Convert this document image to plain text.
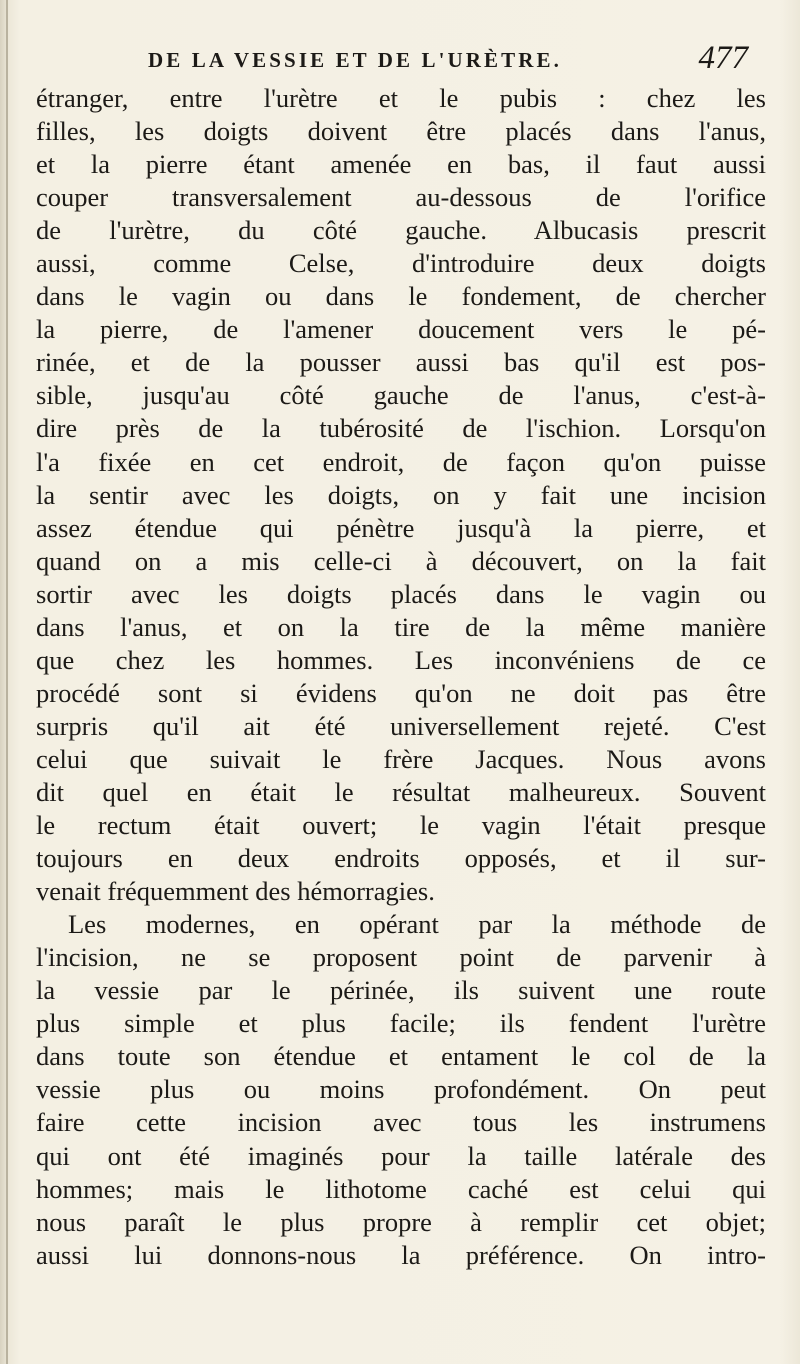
DE LA VESSIE ET DE L'URÈTRE.	477
étranger, entre l'urètre et le pubis : chez les
filles, les doigts doivent être placés dans l'anus,
et la pierre étant amenée en bas, il faut aussi
couper transversalement au-dessous de l'orifice
de l'urètre, du côté gauche. Albucasis prescrit
aussi, comme Celse, d'introduire deux doigts
dans le vagin ou dans le fondement, de chercher
la pierre, de l'amener doucement vers le pé-
rinée, et de la pousser aussi bas qu'il est pos-
sible, jusqu'au côté gauche de l'anus, c'est-à-
dire près de la tubérosité de l'ischion. Lorsqu'on
l'a fixée en cet endroit, de façon qu'on puisse
la sentir avec les doigts, on y fait une incision
assez étendue qui pénètre jusqu'à la pierre, et
quand on a mis celle-ci à découvert, on la fait
sortir avec les doigts placés dans le vagin ou
dans l'anus, et on la tire de la même manière
que chez les hommes. Les inconvéniens de ce
procédé sont si évidens qu'on ne doit pas être
surpris qu'il ait été universellement rejeté. C'est
celui que suivait le frère Jacques. Nous avons
dit quel en était le résultat malheureux. Souvent
le rectum était ouvert; le vagin l'était presque
toujours en deux endroits opposés, et il sur-
venait fréquemment des hémorragies.
Les modernes, en opérant par la méthode de
l'incision, ne se proposent point de parvenir à
la vessie par le périnée, ils suivent une route
plus simple et plus facile; ils fendent l'urètre
dans toute son étendue et entament le col de la
vessie plus ou moins profondément. On peut
faire cette incision avec tous les instrumens
qui ont été imaginés pour la taille latérale des
hommes; mais le lithotome caché est celui qui
nous paraît le plus propre à remplir cet objet;
aussi lui donnons-nous la préférence. On intro-
